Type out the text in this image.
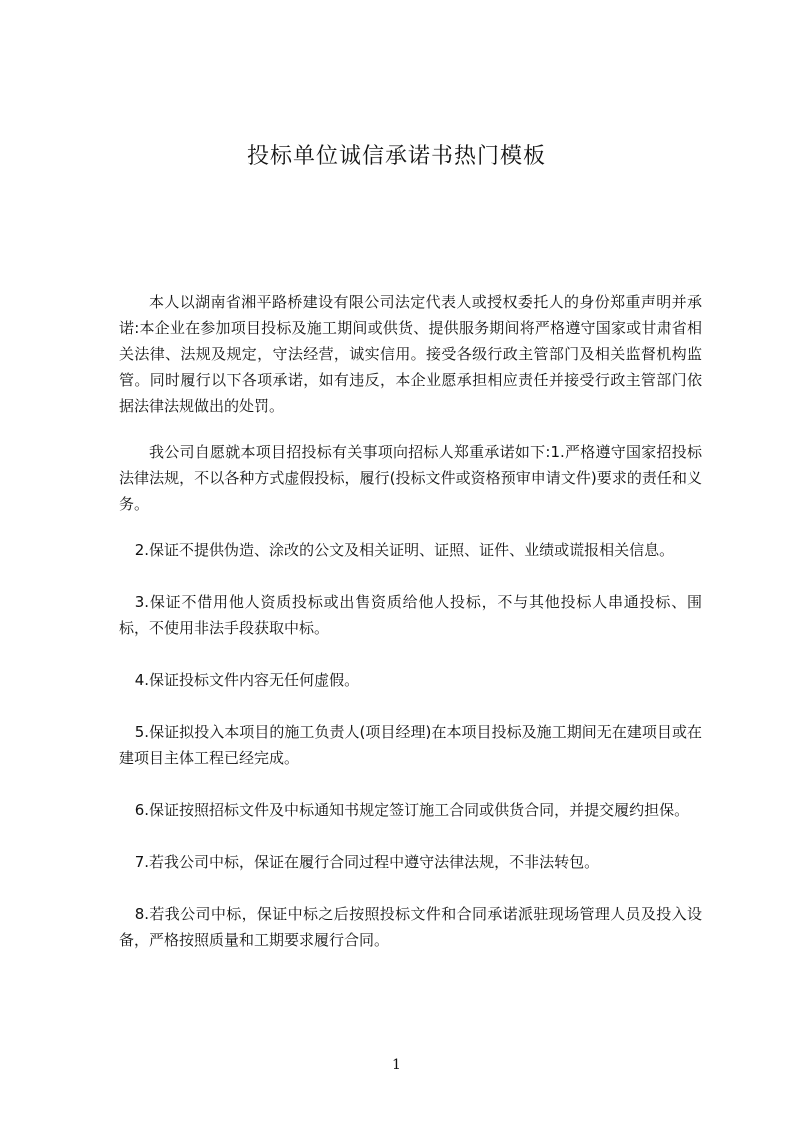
投标单位诚信承诺书热门模板

本人以湖南省湘平路桥建设有限公司法定代表人或授权委托人的身份郑重声明并承诺:本企业在参加项目投标及施工期间或供货、提供服务期间将严格遵守国家或甘肃省相关法律、法规及规定，守法经营，诚实信用。接受各级行政主管部门及相关监督机构监管。同时履行以下各项承诺，如有违反，本企业愿承担相应责任并接受行政主管部门依据法律法规做出的处罚。

我公司自愿就本项目招投标有关事项向招标人郑重承诺如下:1.严格遵守国家招投标法律法规，不以各种方式虚假投标，履行(投标文件或资格预审申请文件)要求的责任和义务。

2.保证不提供伪造、涂改的公文及相关证明、证照、证件、业绩或谎报相关信息。

3.保证不借用他人资质投标或出售资质给他人投标，不与其他投标人串通投标、围标，不使用非法手段获取中标。

4.保证投标文件内容无任何虚假。

5.保证拟投入本项目的施工负责人(项目经理)在本项目投标及施工期间无在建项目或在建项目主体工程已经完成。

6.保证按照招标文件及中标通知书规定签订施工合同或供货合同，并提交履约担保。

7.若我公司中标，保证在履行合同过程中遵守法律法规，不非法转包。

8.若我公司中标，保证中标之后按照投标文件和合同承诺派驻现场管理人员及投入设备，严格按照质量和工期要求履行合同。

1
